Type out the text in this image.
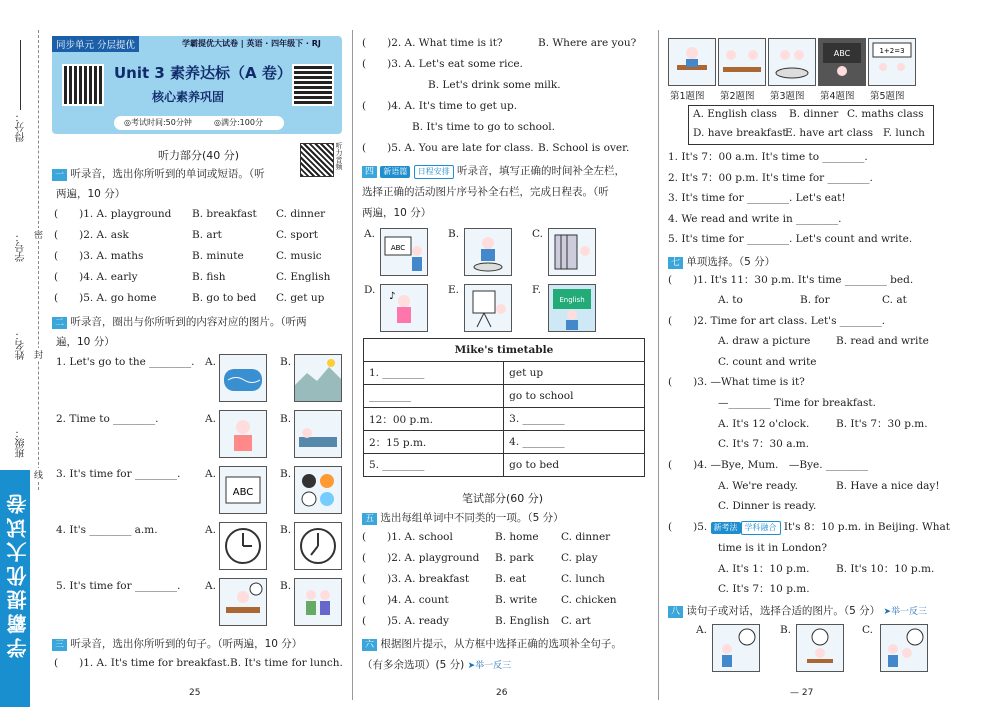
得分：
学号：
姓名：
班级：
密
封
线
学霸提优大试卷
同步单元 分层提优	学霸提优大试卷 | 英语 · 四年级下 · RJ
Unit 3 素养达标（A 卷）
核心素养巩固
◎考试时间:50分钟	◎满分:100分
听力部分(40 分)	听力音频
一 听录音，选出你所听到的单词或短语。（听
两遍，10 分）
(　　)1. A. playground B. breakfast C. dinner
(　　)2. A. ask	B. art	C. sport
(　　)3. A. maths	B. minute	C. music
(　　)4. A. early	B. fish	C. English
(　　)5. A. go home	B. go to bed C. get up
二 听录音，圈出与你所听到的内容对应的图片。（听两
遍，10 分）
1. Let's go to the ________.
2. Time to ________.
3. It's time for ________.
4. It's ________ a.m.
5. It's time for ________.
A.	B.
A.	B.
A.	B.
A.	B.
A.	B.
ABC
三 听录音，选出你所听到的句子。（听两遍，10 分）
(　　)1. A. It's time for breakfast. B. It's time for lunch.
25
(　　)2. A. What time is it?	B. Where are you?
(　　)3. A. Let's eat some rice.
B. Let's drink some milk.
(　　)4. A. It's time to get up.
B. It's time to go to school.
(　　)5. A. You are late for class. B. School is over.
四 新语篇 日程安排 听录音，填写正确的时间补全左栏，
选择正确的活动图片序号补全右栏，完成日程表。（听
两遍，10 分）
A.	B.	C.
D.	E.	F.
ABC
♪	English
Mike's timetable	
1. ________	get up
________	go to school
12：00 p.m.	3. ________
2：15 p.m.	4. ________
5. ________	go to bed
笔试部分(60 分)
五 选出每组单词中不同类的一项。（5 分）
(　　)1. A. school	B. home C. dinner
(　　)2. A. playground B. park	C. play
(　　)3. A. breakfast B. eat	C. lunch
(　　)4. A. count	B. write C. chicken
(　　)5. A. ready	B. English C. art
六 根据图片提示，从方框中选择正确的选项补全句子。
（有多余选项）(5 分) ➤举一反三
26
ABC	1+2=3
第1题图 第2题图 第3题图 第4题图 第5题图
A. English class B. dinner C. maths class
D. have breakfast
E. have art class F. lunch
1. It's 7：00 a.m. It's time to ________.
2. It's 7：00 p.m. It's time for ________.
3. It's time for ________. Let's eat!
4. We read and write in ________.
5. It's time for ________. Let's count and write.
七 单项选择。（5 分）
(　　)1. It's 11：30 p.m. It's time ________ bed.
A. to	B. for	C. at
(　　)2. Time for art class. Let's ________.
A. draw a picture B. read and write
C. count and write
(　　)3. —What time is it?
—________ Time for breakfast.
A. It's 12 o'clock.	B. It's 7：30 p.m.
C. It's 7：30 a.m.
(　　)4. —Bye, Mum.　—Bye. ________
A. We're ready.	B. Have a nice day!
C. Dinner is ready.
(　　)5. 新考法 学科融合 It's 8：10 p.m. in Beijing. What
time is it in London?
A. It's 1：10 p.m.	B. It's 10：10 p.m.
C. It's 7：10 p.m.
八 读句子或对话，选择合适的图片。（5 分） ➤举一反三
A.	B.	C.
— 27
